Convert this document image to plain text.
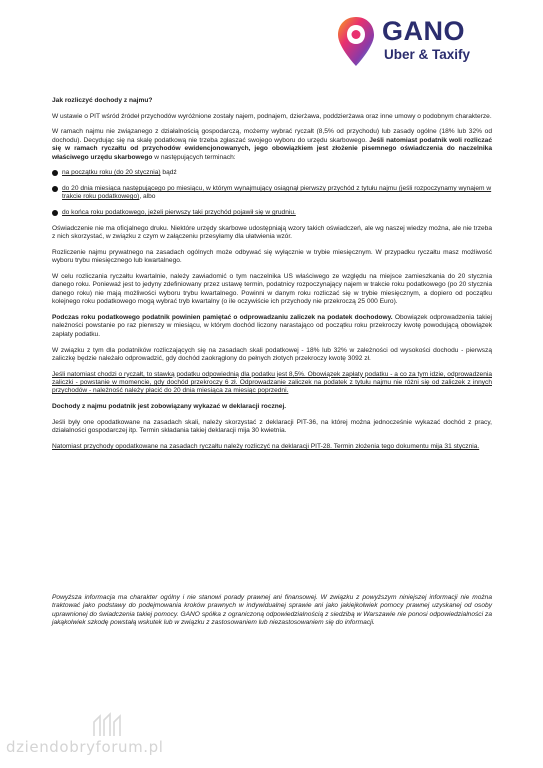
GANO
Uber & Taxify

Jak rozliczyć dochody z najmu?

W ustawie o PIT wśród źródeł przychodów wyróżnione zostały najem, podnajem, dzierżawa, poddzierżawa oraz inne umowy o podobnym charakterze.

W ramach najmu nie związanego z działalnością gospodarczą, możemy wybrać ryczałt (8,5% od przychodu) lub zasady ogólne (18% lub 32% od dochodu). Decydując się na skalę podatkową nie trzeba zgłaszać swojego wyboru do urzędu skarbowego. Jeśli natomiast podatnik woli rozliczać się w ramach ryczałtu od przychodów ewidencjonowanych, jego obowiązkiem jest złożenie pisemnego oświadczenia do naczelnika właściwego urzędu skarbowego w następujących terminach:

na początku roku (do 20 stycznia) bądź
do 20 dnia miesiąca następującego po miesiącu, w którym wynajmujący osiągnął pierwszy przychód z tytułu najmu (jeśli rozpoczynamy wynajem w trakcie roku podatkowego), albo
do końca roku podatkowego, jeżeli pierwszy taki przychód pojawił się w grudniu.

Oświadczenie nie ma oficjalnego druku. Niektóre urzędy skarbowe udostępniają wzory takich oświadczeń, ale wg naszej wiedzy można, ale nie trzeba z nich skorzystać, w związku z czym w załączeniu przesyłamy dla ułatwienia wzór.

Rozliczenie najmu prywatnego na zasadach ogólnych może odbywać się wyłącznie w trybie miesięcznym. W przypadku ryczałtu masz możliwość wyboru trybu miesięcznego lub kwartalnego.

W celu rozliczania ryczałtu kwartalnie, należy zawiadomić o tym naczelnika US właściwego ze względu na miejsce zamieszkania do 20 stycznia danego roku. Ponieważ jest to jedyny zdefiniowany przez ustawę termin, podatnicy rozpoczynający najem w trakcie roku podatkowego (po 20 stycznia danego roku) nie mają możliwości wyboru trybu kwartalnego. Powinni w danym roku rozliczać się w trybie miesięcznym, a dopiero od początku kolejnego roku podatkowego mogą wybrać tryb kwartalny (o ile oczywiście ich przychody nie przekroczą 25 000 Euro).

Podczas roku podatkowego podatnik powinien pamiętać o odprowadzaniu zaliczek na podatek dochodowy. Obowiązek odprowadzenia takiej należności powstanie po raz pierwszy w miesiącu, w którym dochód liczony narastająco od początku roku przekroczy kwotę powodującą obowiązek zapłaty podatku.

W związku z tym dla podatników rozliczających się na zasadach skali podatkowej - 18% lub 32% w zależności od wysokości dochodu - pierwszą zaliczkę będzie należało odprowadzić, gdy dochód zaokrąglony do pełnych złotych przekroczy kwotę 3092 zł.

Jeśli natomiast chodzi o ryczałt, to stawką podatku odpowiednią dla podatku jest 8,5%. Obowiązek zapłaty podatku - a co za tym idzie, odprowadzenia zaliczki - powstanie w momencie, gdy dochód przekroczy 6 zł. Odprowadzanie zaliczek na podatek z tytułu najmu nie różni się od zaliczek z innych przychodów - należność należy płacić do 20 dnia miesiąca za miesiąc poprzedni.

Dochody z najmu podatnik jest zobowiązany wykazać w deklaracji rocznej.

Jeśli były one opodatkowane na zasadach skali, należy skorzystać z deklaracji PIT-36, na której można jednocześnie wykazać dochód z pracy, działalności gospodarczej itp. Termin składania takiej deklaracji mija 30 kwietnia.

Natomiast przychody opodatkowane na zasadach ryczałtu należy rozliczyć na deklaracji PIT-28. Termin złożenia tego dokumentu mija 31 stycznia.

Powyższa informacja ma charakter ogólny i nie stanowi porady prawnej ani finansowej. W związku z powyższym niniejszej informacji nie można traktować jako podstawy do podejmowania kroków prawnych w indywidualnej sprawie ani jako jakiejkolwiek pomocy prawnej uzyskanej od osoby uprawnionej do świadczenia takiej pomocy. GANO spółka z ograniczoną odpowiedzialnością z siedzibą w Warszawie nie ponosi odpowiedzialności za jakąkolwiek szkodę powstałą wskutek lub w związku z zastosowaniem lub niezastosowaniem się do informacji.

dziendobryforum.pl
